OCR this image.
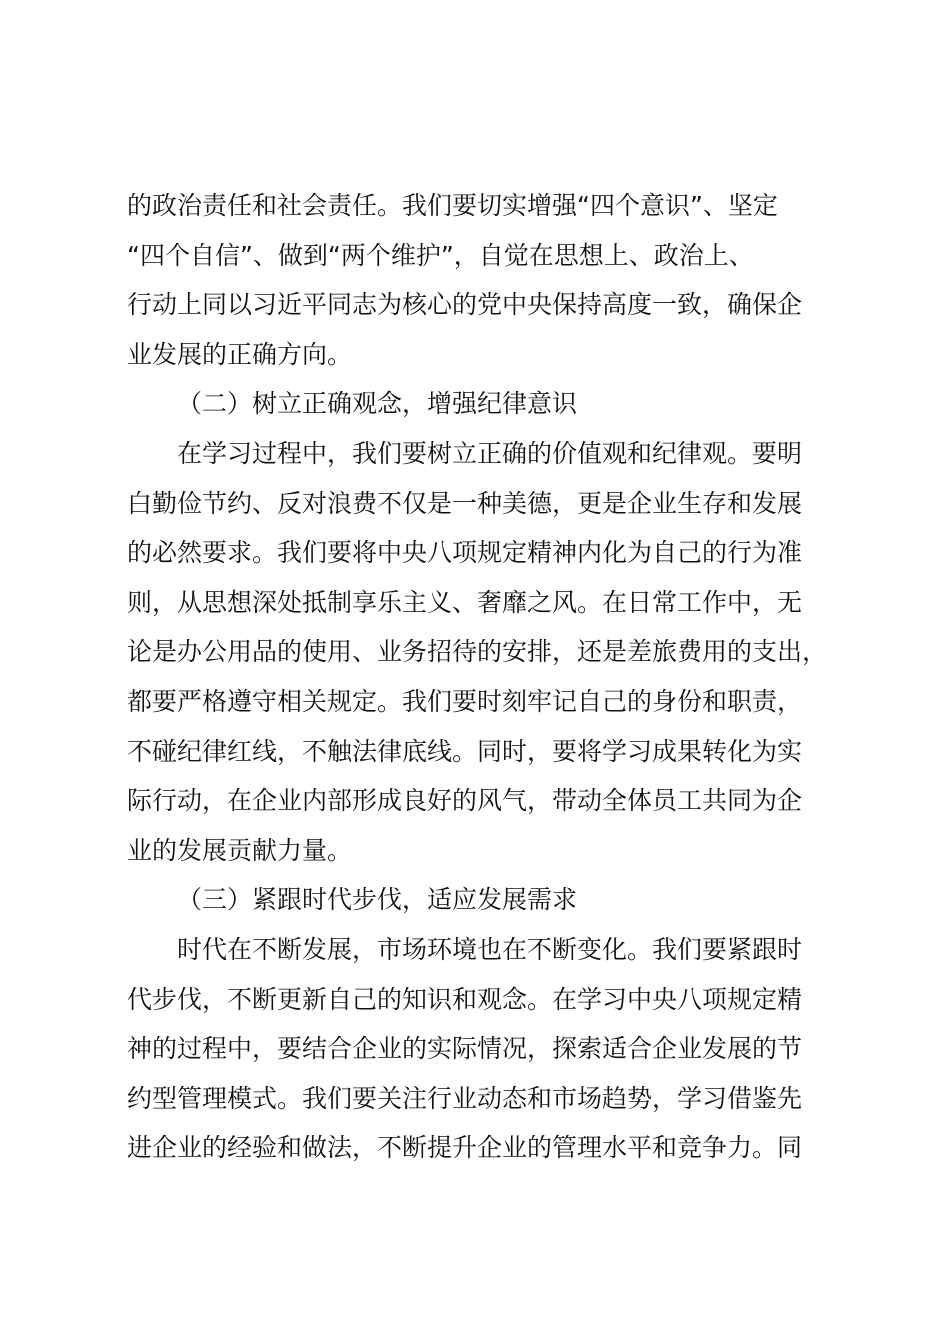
的政治责任和社会责任。我们要切实增强“四个意识”、坚定
“四个自信”、做到“两个维护”，自觉在思想上、政治上、
行动上同以习近平同志为核心的党中央保持高度一致，确保企
业发展的正确方向。
（二）树立正确观念，增强纪律意识
在学习过程中，我们要树立正确的价值观和纪律观。要明
白勤俭节约、反对浪费不仅是一种美德，更是企业生存和发展
的必然要求。我们要将中央八项规定精神内化为自己的行为准
则，从思想深处抵制享乐主义、奢靡之风。在日常工作中，无
论是办公用品的使用、业务招待的安排，还是差旅费用的支出，
都要严格遵守相关规定。我们要时刻牢记自己的身份和职责，
不碰纪律红线，不触法律底线。同时，要将学习成果转化为实
际行动，在企业内部形成良好的风气，带动全体员工共同为企
业的发展贡献力量。
（三）紧跟时代步伐，适应发展需求
时代在不断发展，市场环境也在不断变化。我们要紧跟时
代步伐，不断更新自己的知识和观念。在学习中央八项规定精
神的过程中，要结合企业的实际情况，探索适合企业发展的节
约型管理模式。我们要关注行业动态和市场趋势，学习借鉴先
进企业的经验和做法，不断提升企业的管理水平和竞争力。同
